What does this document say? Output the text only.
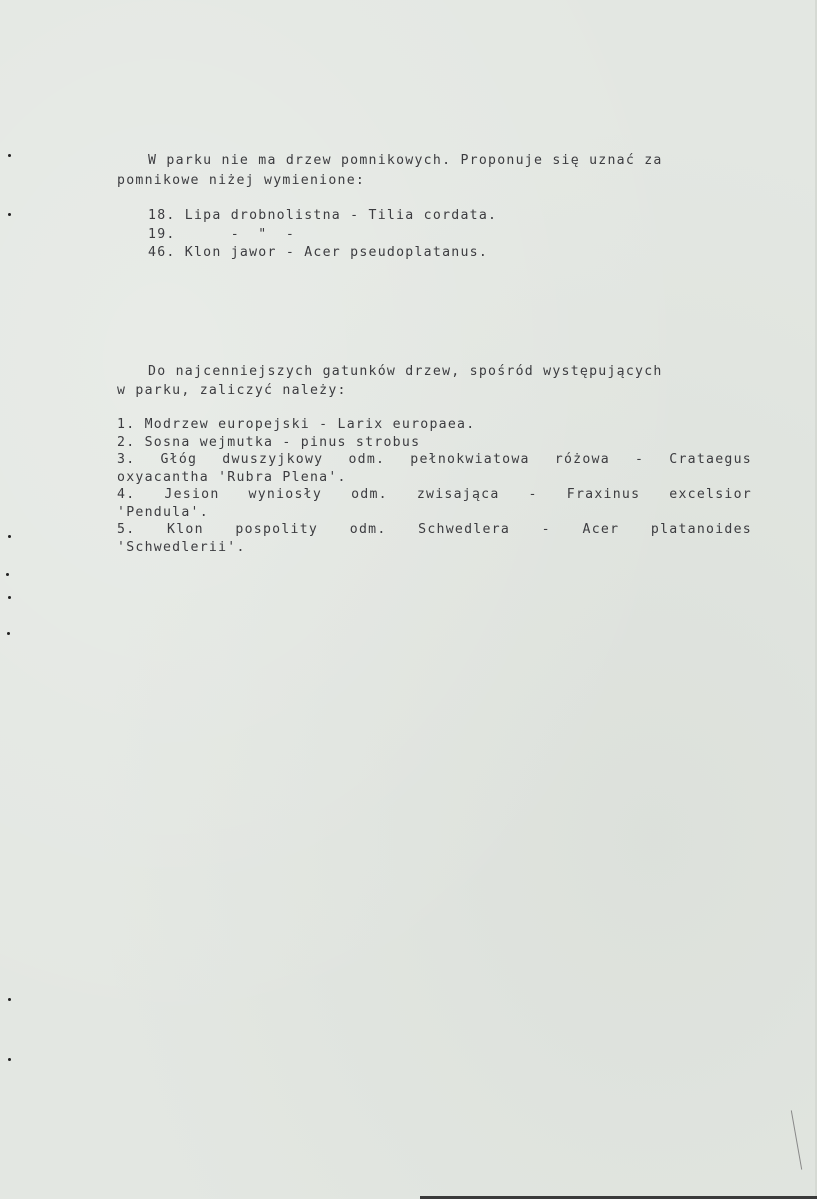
W parku nie ma drzew pomnikowych. Proponuje się uznać za
pomnikowe niżej wymienione:
18. Lipa drobnolistna - Tilia cordata.
19.      -  "  -
46. Klon jawor - Acer pseudoplatanus.
Do najcenniejszych gatunków drzew, spośród występujących
w parku, zaliczyć należy:
1. Modrzew europejski - Larix europaea.
2. Sosna wejmutka - pinus strobus
3. Głóg dwuszyjkowy odm. pełnokwiatowa różowa - Crataegus
oxyacantha 'Rubra Plena'.
4. Jesion wyniosły odm. zwisająca - Fraxinus excelsior
'Pendula'.
5. Klon pospolity odm. Schwedlera - Acer platanoides
'Schwedlerii'.
